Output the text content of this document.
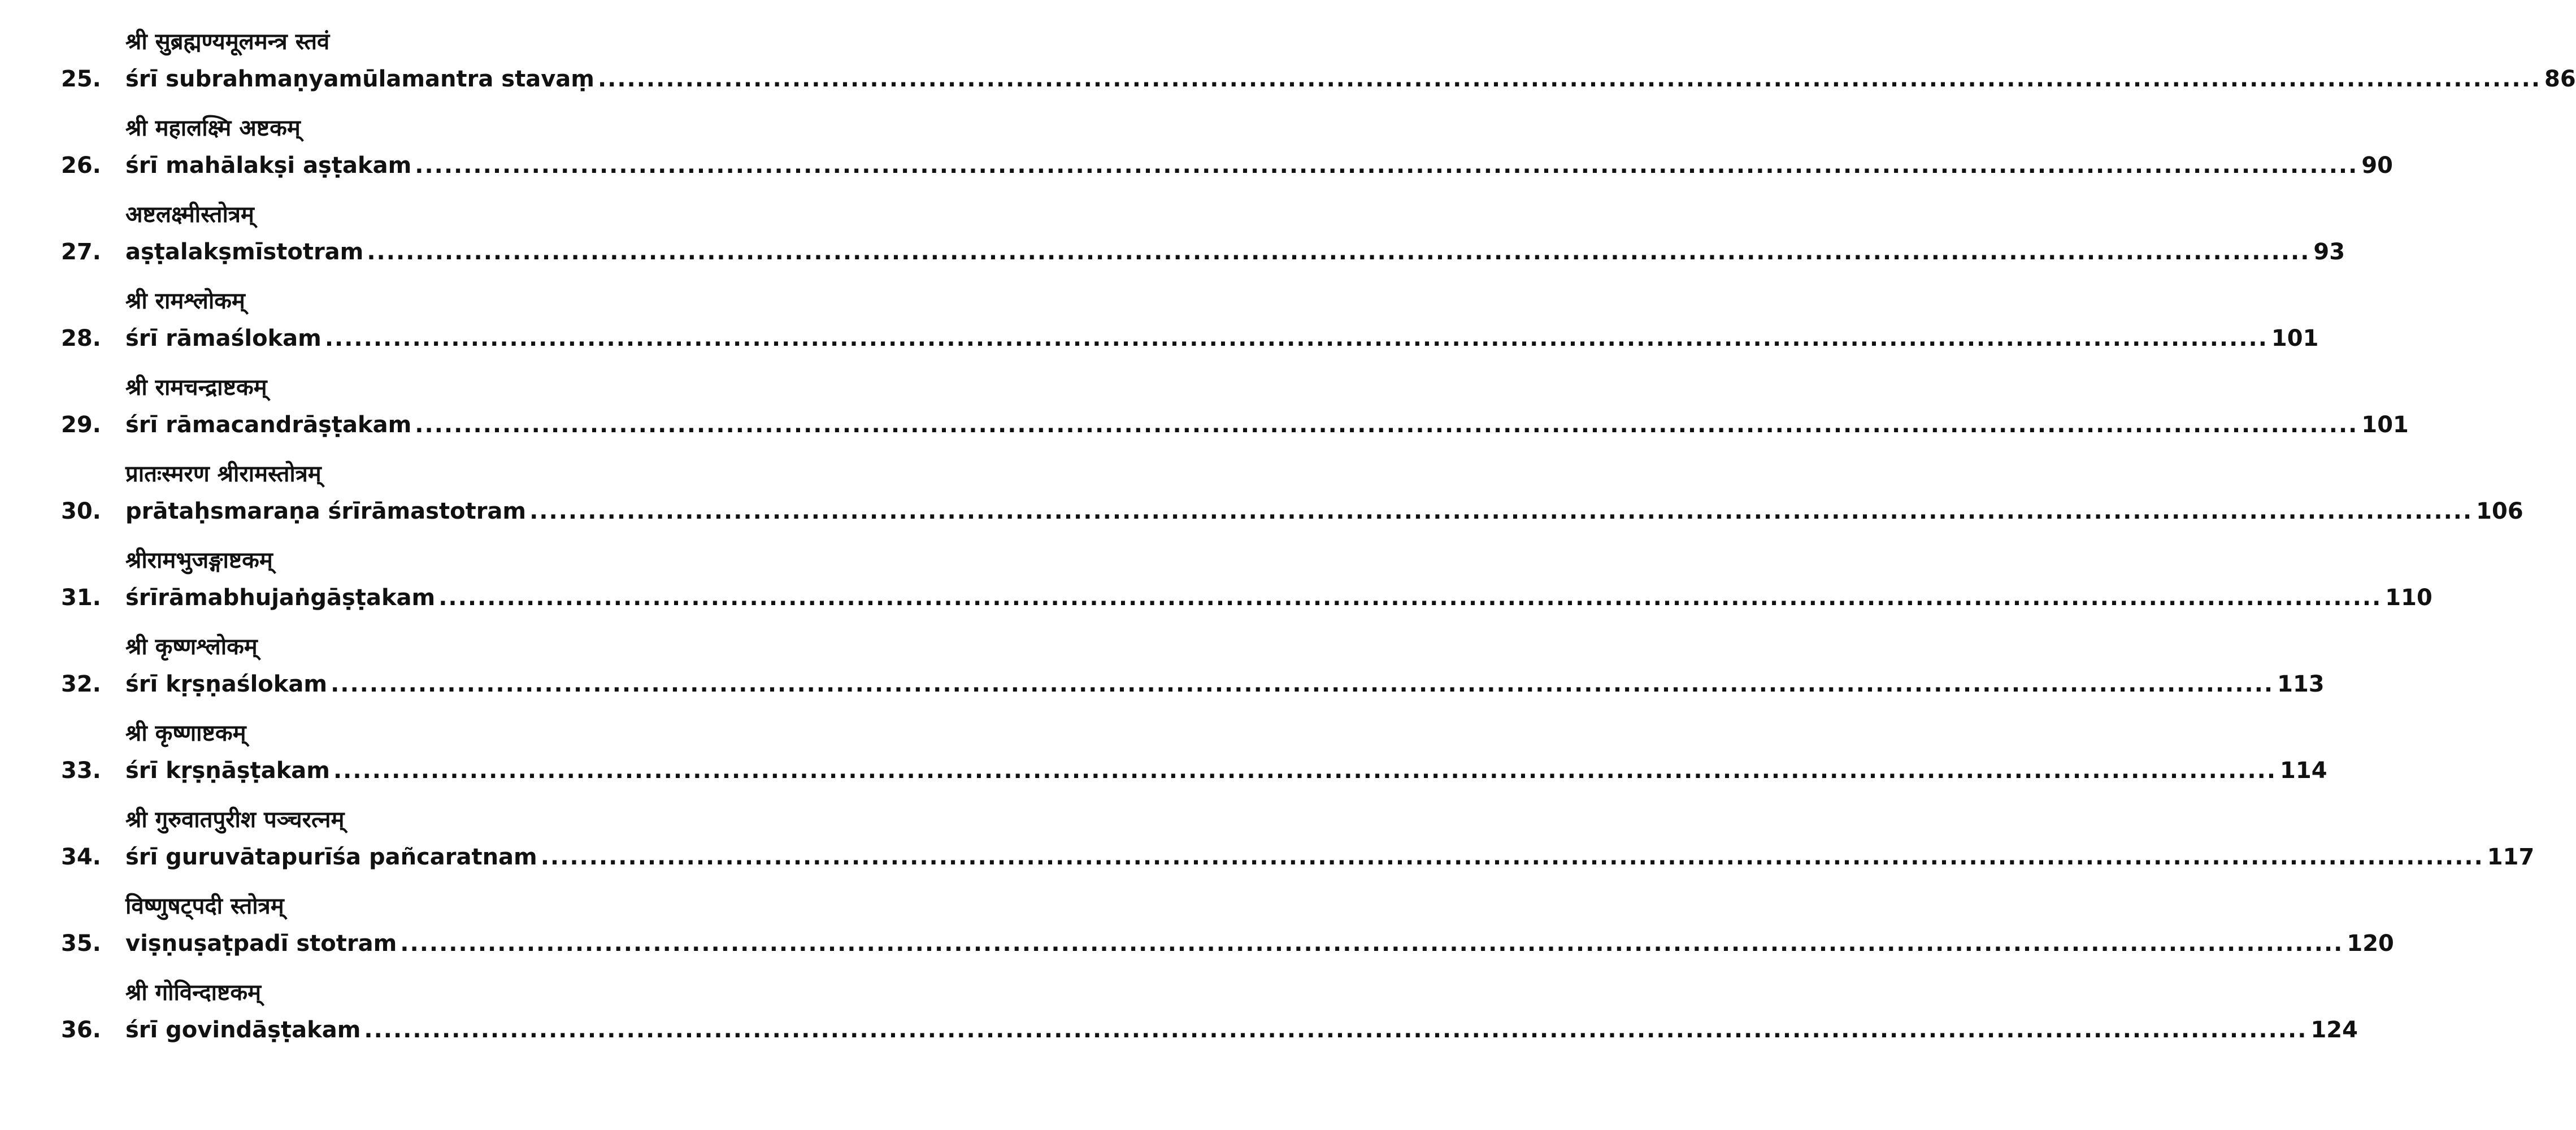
श्री सुब्रह्मण्यमूलमन्त्र स्तवं
25.	śrī subrahmaṇyamūlamantra stavaṃ ........................................................................................................................................................................................................ 86
श्री महालक्ष्मि अष्टकम्
26.	śrī mahālakṣi aṣṭakam ........................................................................................................................................................................................................ 90
अष्टलक्ष्मीस्तोत्रम्
27.	aṣṭalakṣmīstotram ........................................................................................................................................................................................................ 93
श्री रामश्लोकम्
28.	śrī rāmaślokam ........................................................................................................................................................................................................ 101
श्री रामचन्द्राष्टकम्
29.	śrī rāmacandrāṣṭakam ........................................................................................................................................................................................................ 101
प्रातःस्मरण श्रीरामस्तोत्रम्
30.	prātaḥsmaraṇa śrīrāmastotram ........................................................................................................................................................................................................ 106
श्रीरामभुजङ्गाष्टकम्
31.	śrīrāmabhujaṅgāṣṭakam ........................................................................................................................................................................................................ 110
श्री कृष्णश्लोकम्
32.	śrī kṛṣṇaślokam ........................................................................................................................................................................................................ 113
श्री कृष्णाष्टकम्
33.	śrī kṛṣṇāṣṭakam ........................................................................................................................................................................................................ 114
श्री गुरुवातपुरीश पञ्चरत्नम्
34.	śrī guruvātapurīśa pañcaratnam ........................................................................................................................................................................................................ 117
विष्णुषट्पदी स्तोत्रम्
35.	viṣṇuṣaṭpadī stotram ........................................................................................................................................................................................................ 120
श्री गोविन्दाष्टकम्
36.	śrī govindāṣṭakam ........................................................................................................................................................................................................ 124
